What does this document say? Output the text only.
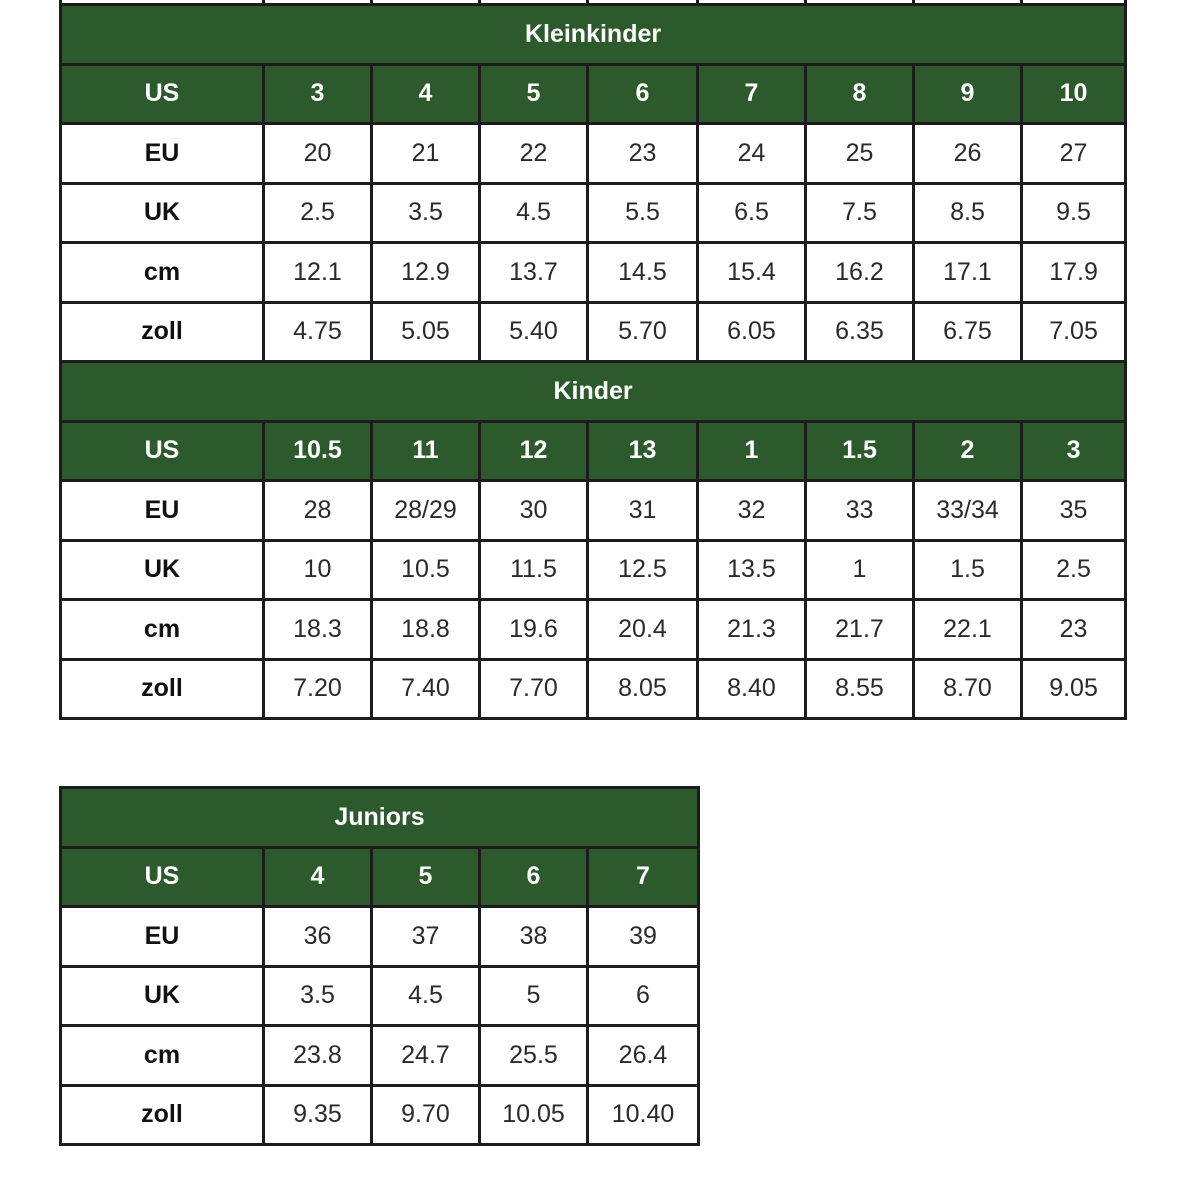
Kleinkinder								
US	3	4	5	6	7	8	9	10
EU	20	21	22	23	24	25	26	27
UK	2.5	3.5	4.5	5.5	6.5	7.5	8.5	9.5
cm	12.1	12.9	13.7	14.5	15.4	16.2	17.1	17.9
zoll	4.75	5.05	5.40	5.70	6.05	6.35	6.75	7.05
Kinder								
US	10.5	11	12	13	1	1.5	2	3
EU	28	28/29	30	31	32	33	33/34	35
UK	10	10.5	11.5	12.5	13.5	1	1.5	2.5
cm	18.3	18.8	19.6	20.4	21.3	21.7	22.1	23
zoll	7.20	7.40	7.70	8.05	8.40	8.55	8.70	9.05
Juniors				
US	4	5	6	7
EU	36	37	38	39
UK	3.5	4.5	5	6
cm	23.8	24.7	25.5	26.4
zoll	9.35	9.70	10.05	10.40
